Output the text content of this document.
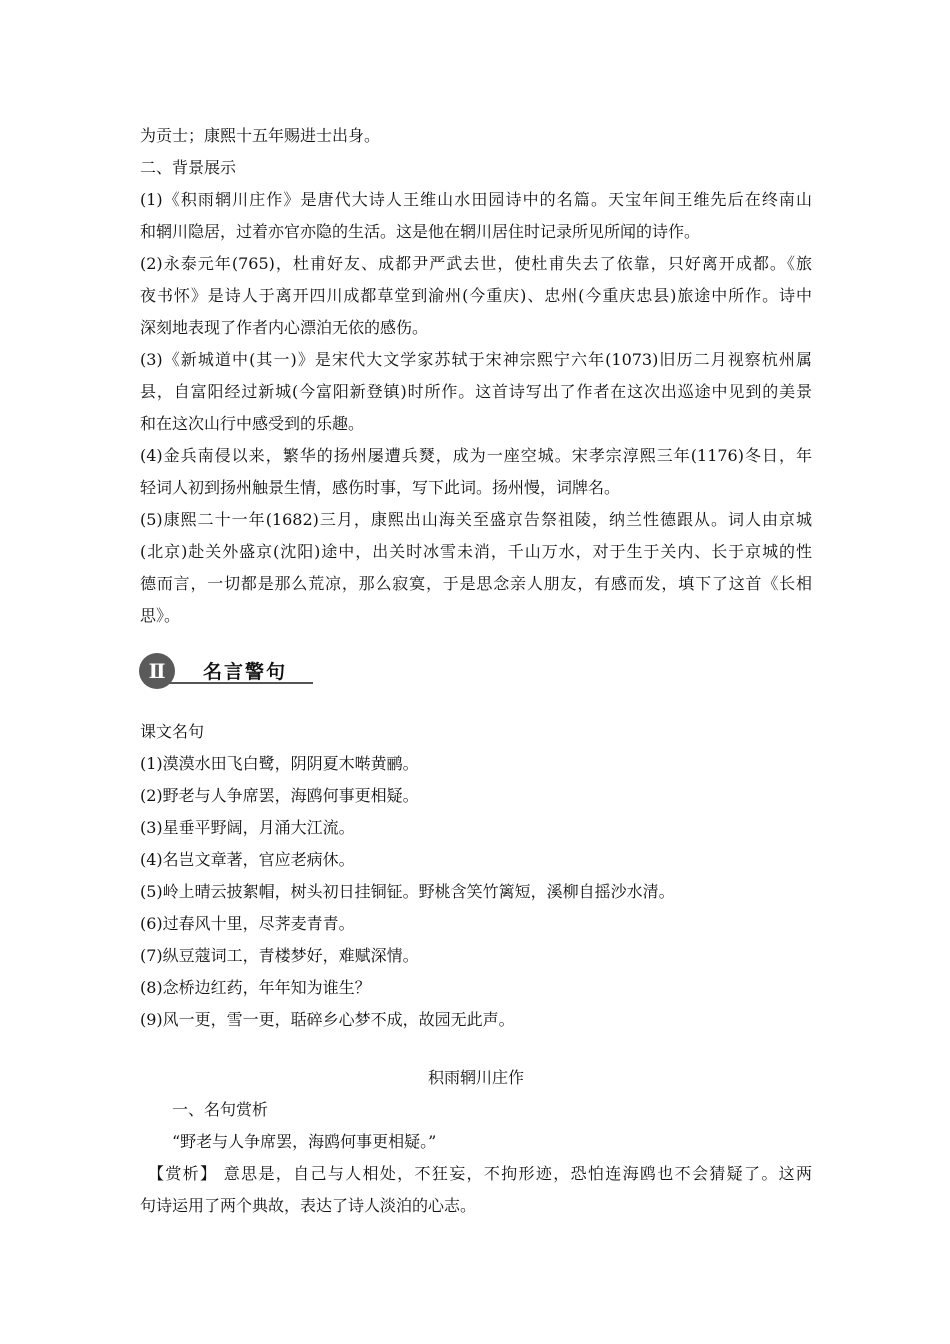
为贡士；康熙十五年赐进士出身。
二、背景展示
(1)《积雨辋川庄作》是唐代大诗人王维山水田园诗中的名篇。天宝年间王维先后在终南山
和辋川隐居，过着亦官亦隐的生活。这是他在辋川居住时记录所见所闻的诗作。
(2)永泰元年(765)，杜甫好友、成都尹严武去世，使杜甫失去了依靠，只好离开成都。《旅
夜书怀》是诗人于离开四川成都草堂到渝州(今重庆)、忠州(今重庆忠县)旅途中所作。诗中
深刻地表现了作者内心漂泊无依的感伤。
(3)《新城道中(其一)》是宋代大文学家苏轼于宋神宗熙宁六年(1073)旧历二月视察杭州属
县，自富阳经过新城(今富阳新登镇)时所作。这首诗写出了作者在这次出巡途中见到的美景
和在这次山行中感受到的乐趣。
(4)金兵南侵以来，繁华的扬州屡遭兵燹，成为一座空城。宋孝宗淳熙三年(1176)冬日，年
轻词人初到扬州触景生情，感伤时事，写下此词。扬州慢，词牌名。
(5)康熙二十一年(1682)三月，康熙出山海关至盛京告祭祖陵，纳兰性德跟从。词人由京城
(北京)赴关外盛京(沈阳)途中，出关时冰雪未消，千山万水，对于生于关内、长于京城的性
德而言，一切都是那么荒凉，那么寂寞，于是思念亲人朋友，有感而发，填下了这首《长相
思》。
Ⅱ	名言警句
课文名句
(1)漠漠水田飞白鹭，阴阴夏木啭黄鹂。
(2)野老与人争席罢，海鸥何事更相疑。
(3)星垂平野阔，月涌大江流。
(4)名岂文章著，官应老病休。
(5)岭上晴云披絮帽，树头初日挂铜钲。野桃含笑竹篱短，溪柳自摇沙水清。
(6)过春风十里，尽荠麦青青。
(7)纵豆蔻词工，青楼梦好，难赋深情。
(8)念桥边红药，年年知为谁生？
(9)风一更，雪一更，聒碎乡心梦不成，故园无此声。
积雨辋川庄作
一、名句赏析
“野老与人争席罢，海鸥何事更相疑。”
【赏析】 意思是，自己与人相处，不狂妄，不拘形迹，恐怕连海鸥也不会猜疑了。这两
句诗运用了两个典故，表达了诗人淡泊的心志。
